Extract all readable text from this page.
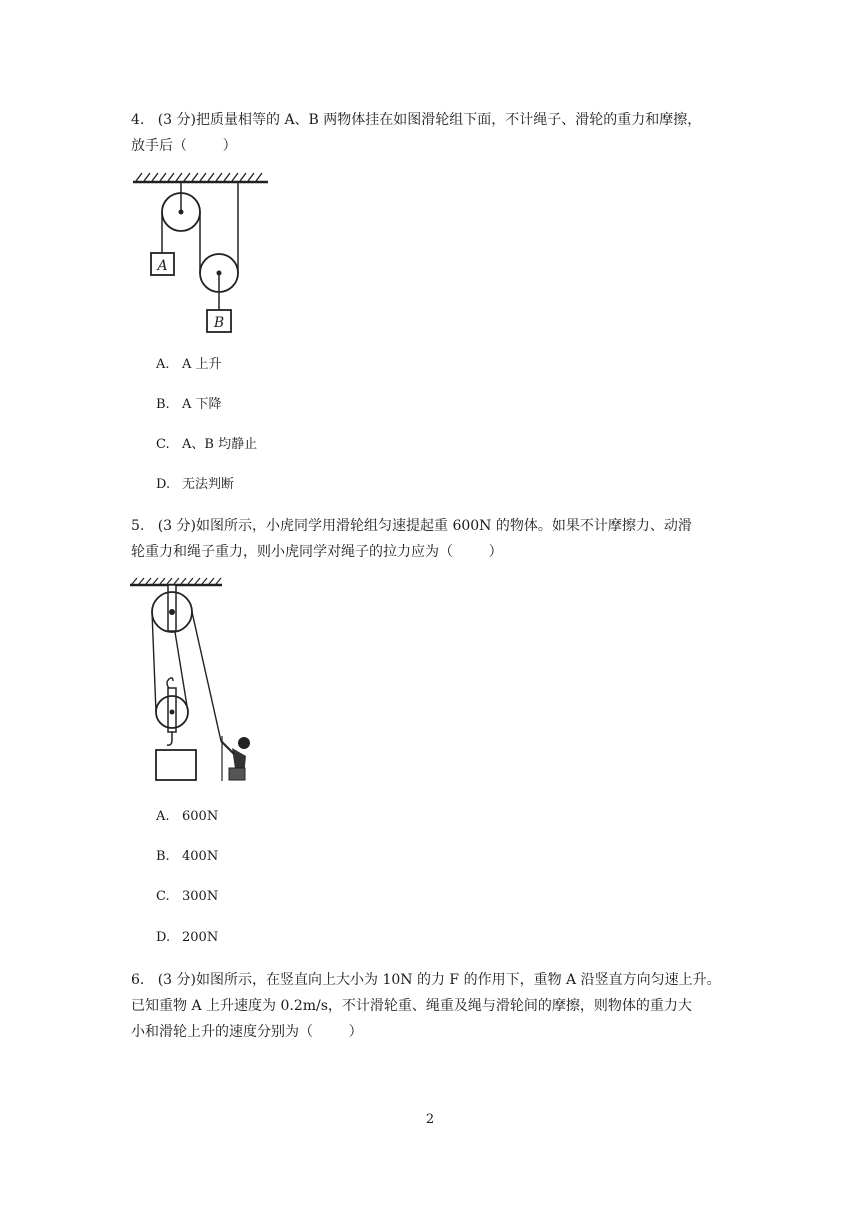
4.   (3 分)把质量相等的 A、B 两物体挂在如图滑轮组下面，不计绳子、滑轮的重力和摩擦，
放手后（        ）
A
B
A. A 上升
B. A 下降
C. A、B 均静止
D. 无法判断
5.   (3 分)如图所示，小虎同学用滑轮组匀速提起重 600N 的物体。如果不计摩擦力、动滑
轮重力和绳子重力，则小虎同学对绳子的拉力应为（        ）
A. 600N
B. 400N
C. 300N
D. 200N
6.   (3 分)如图所示，在竖直向上大小为 10N 的力 F 的作用下，重物 A 沿竖直方向匀速上升。
已知重物 A 上升速度为 0.2m/s，不计滑轮重、绳重及绳与滑轮间的摩擦，则物体的重力大
小和滑轮上升的速度分别为（        ）
2
